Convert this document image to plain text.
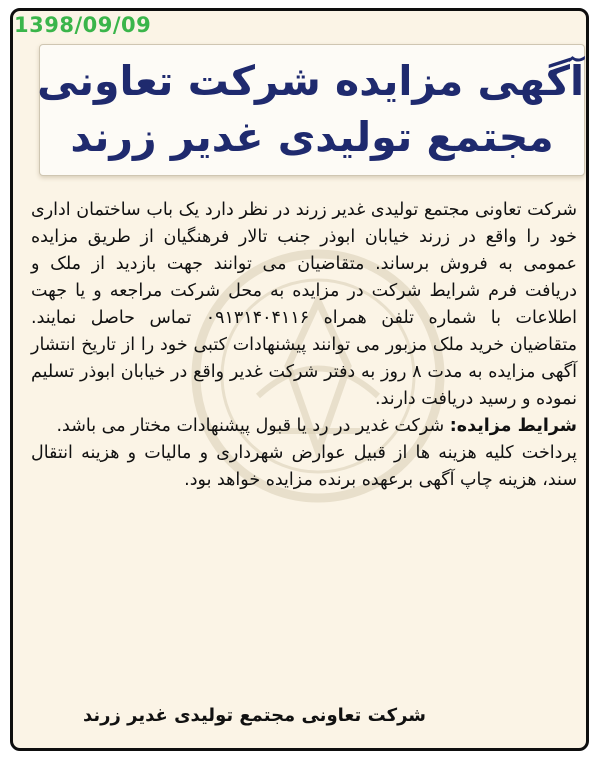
آگهی مزایده شرکت تعاونی
مجتمع تولیدی غدیر زرند

شرکت تعاونی مجتمع تولیدی غدیر زرند در نظر دارد یک باب ساختمان اداری خود را واقع در زرند خیابان ابوذر جنب تالار فرهنگیان از طریق مزایده عمومی به فروش برساند. متقاضیان می توانند جهت بازدید از ملک و دریافت فرم شرایط شرکت در مزایده به محل شرکت مراجعه و یا جهت اطلاعات با شماره تلفن همراه ۰۹۱۳۱۴۰۴۱۱۶ تماس حاصل نمایند. متقاضیان خرید ملک مزبور می توانند پیشنهادات کتبی خود را از تاریخ انتشار آگهی مزایده به مدت ۸ روز به دفتر شرکت غدیر واقع در خیابان ابوذر تسلیم نموده و رسید دریافت دارند.

شرایط مزایده: شرکت غدیر در رد یا قبول پیشنهادات مختار می باشد.

پرداخت کلیه هزینه ها از قبیل عوارض شهرداری و مالیات و هزینه انتقال سند، هزینه چاپ آگهی برعهده برنده مزایده خواهد بود.

شرکت تعاونی مجتمع تولیدی غدیر زرند
1398/09/09
